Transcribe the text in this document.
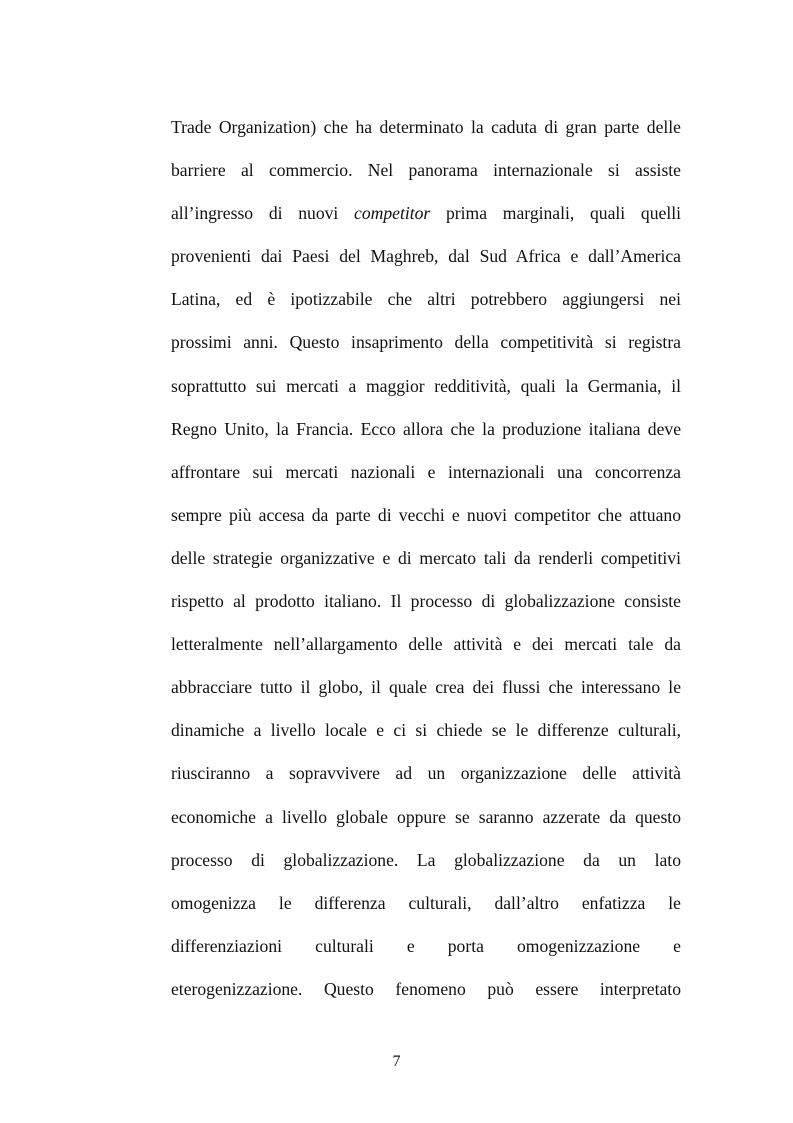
Trade Organization) che ha determinato la caduta di gran parte delle
barriere al commercio. Nel panorama internazionale si assiste
all’ingresso di nuovi competitor prima marginali, quali quelli
provenienti dai Paesi del Maghreb, dal Sud Africa e dall’America
Latina, ed è ipotizzabile che altri potrebbero aggiungersi nei
prossimi anni. Questo insaprimento della competitività si registra
soprattutto sui mercati a maggior redditività, quali la Germania, il
Regno Unito, la Francia. Ecco allora che la produzione italiana deve
affrontare sui mercati nazionali e internazionali una concorrenza
sempre più accesa da parte di vecchi e nuovi competitor che attuano
delle strategie organizzative e di mercato tali da renderli competitivi
rispetto al prodotto italiano. Il processo di globalizzazione consiste
letteralmente nell’allargamento delle attività e dei mercati tale da
abbracciare tutto il globo, il quale crea dei flussi che interessano le
dinamiche a livello locale e ci si chiede se le differenze culturali,
riusciranno a sopravvivere ad un organizzazione delle attività
economiche a livello globale oppure se saranno azzerate da questo
processo di globalizzazione. La globalizzazione da un lato
omogenizza le differenza culturali, dall’altro enfatizza le
differenziazioni culturali e porta omogenizzazione e
eterogenizzazione. Questo fenomeno può essere interpretato
7
